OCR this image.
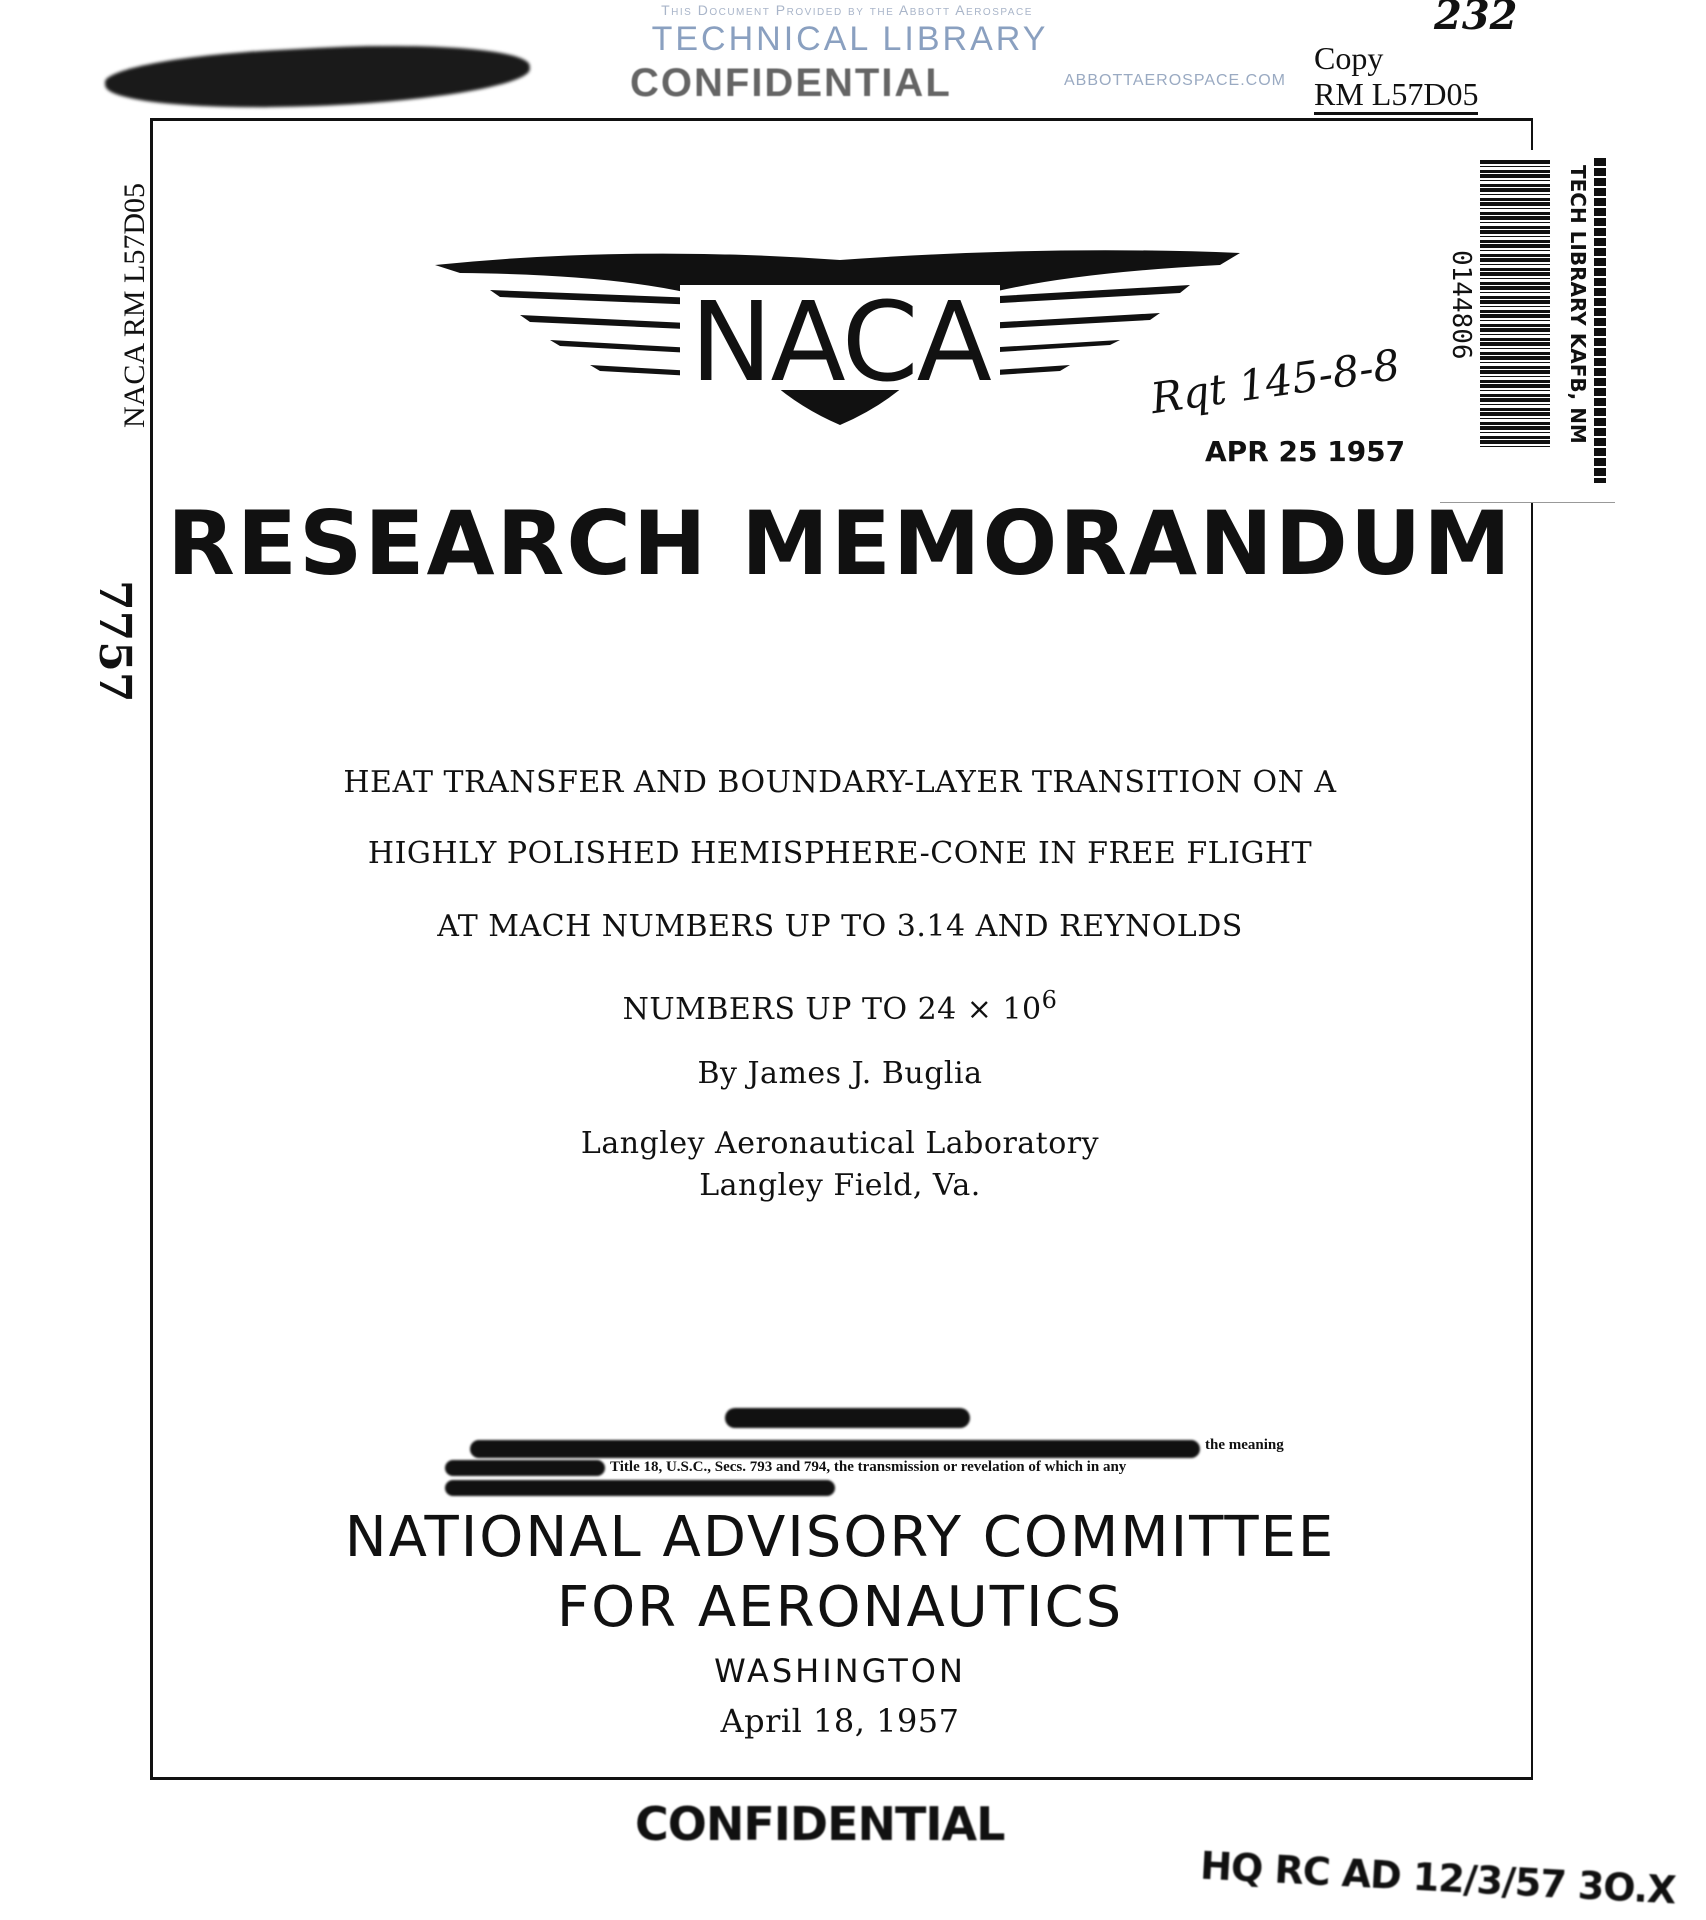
This Document Provided by the Abbott Aerospace
TECHNICAL LIBRARY
CONFIDENTIAL	ABBOTTAEROSPACE.COM
232
Copy
RM L57D05
NACA RM L57D05
7757
0144806	TECH LIBRARY KAFB, NM
Rqt 145-8-8
APR 25 1957
NACA
RESEARCH MEMORANDUM
HEAT TRANSFER AND BOUNDARY-LAYER TRANSITION ON A
HIGHLY POLISHED HEMISPHERE-CONE IN FREE FLIGHT
AT MACH NUMBERS UP TO 3.14 AND REYNOLDS
NUMBERS UP TO $24 \times 10^6$
By James J. Buglia
Langley Aeronautical Laboratory
Langley Field, Va.
the meaning
Title 18, U.S.C., Secs. 793 and 794, the transmission or revelation of which in any
NATIONAL ADVISORY COMMITTEE
FOR AERONAUTICS
WASHINGTON
April 18, 1957
CONFIDENTIAL
HQ RC AD 12/3/57 3O.X
